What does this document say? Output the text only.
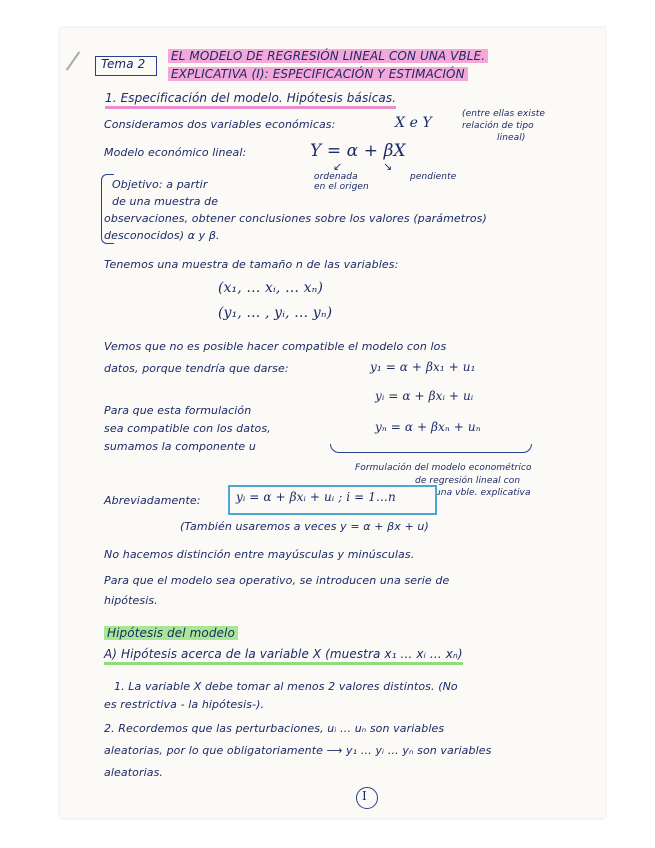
Tema 2
EL MODELO DE REGRESIÓN LINEAL CON UNA VBLE.
EXPLICATIVA (I): ESPECIFICACIÓN Y ESTIMACIÓN
1. Especificación del modelo. Hipótesis básicas.
Consideramos dos variables económicas:	X e Y
(entre ellas existe
relación de tipo
lineal)
Modelo económico lineal:	Y = α + βX
↙	↘
ordenada
en el origen
pendiente
Objetivo: a partir
de una muestra de
observaciones, obtener conclusiones sobre los valores (parámetros)
desconocidos) α y β.
Tenemos una muestra de tamaño n de las variables:
(x₁, … xᵢ, … xₙ)
(y₁, … , yᵢ, … yₙ)
Vemos que no es posible hacer compatible el modelo con los
datos, porque tendría que darse:	y₁ = α + βx₁ + u₁
yᵢ = α + βxᵢ + uᵢ
yₙ = α + βxₙ + uₙ
Para que esta formulación
sea compatible con los datos,
sumamos la componente u
Formulación del modelo econométrico
de regresión lineal con
una vble. explicativa
Abreviadamente:	yᵢ = α + βxᵢ + uᵢ ; i = 1…n
(También usaremos a veces y = α + βx + u)
No hacemos distinción entre mayúsculas y minúsculas.
Para que el modelo sea operativo, se introducen una serie de
hipótesis.
Hipótesis del modelo
A) Hipótesis acerca de la variable X (muestra x₁ … xᵢ … xₙ)
1. La variable X debe tomar al menos 2 valores distintos. (No
es restrictiva - la hipótesis-).
2. Recordemos que las perturbaciones, uᵢ … uₙ son variables
aleatorias, por lo que obligatoriamente ⟶ y₁ … yᵢ … yₙ son variables
aleatorias.
I
